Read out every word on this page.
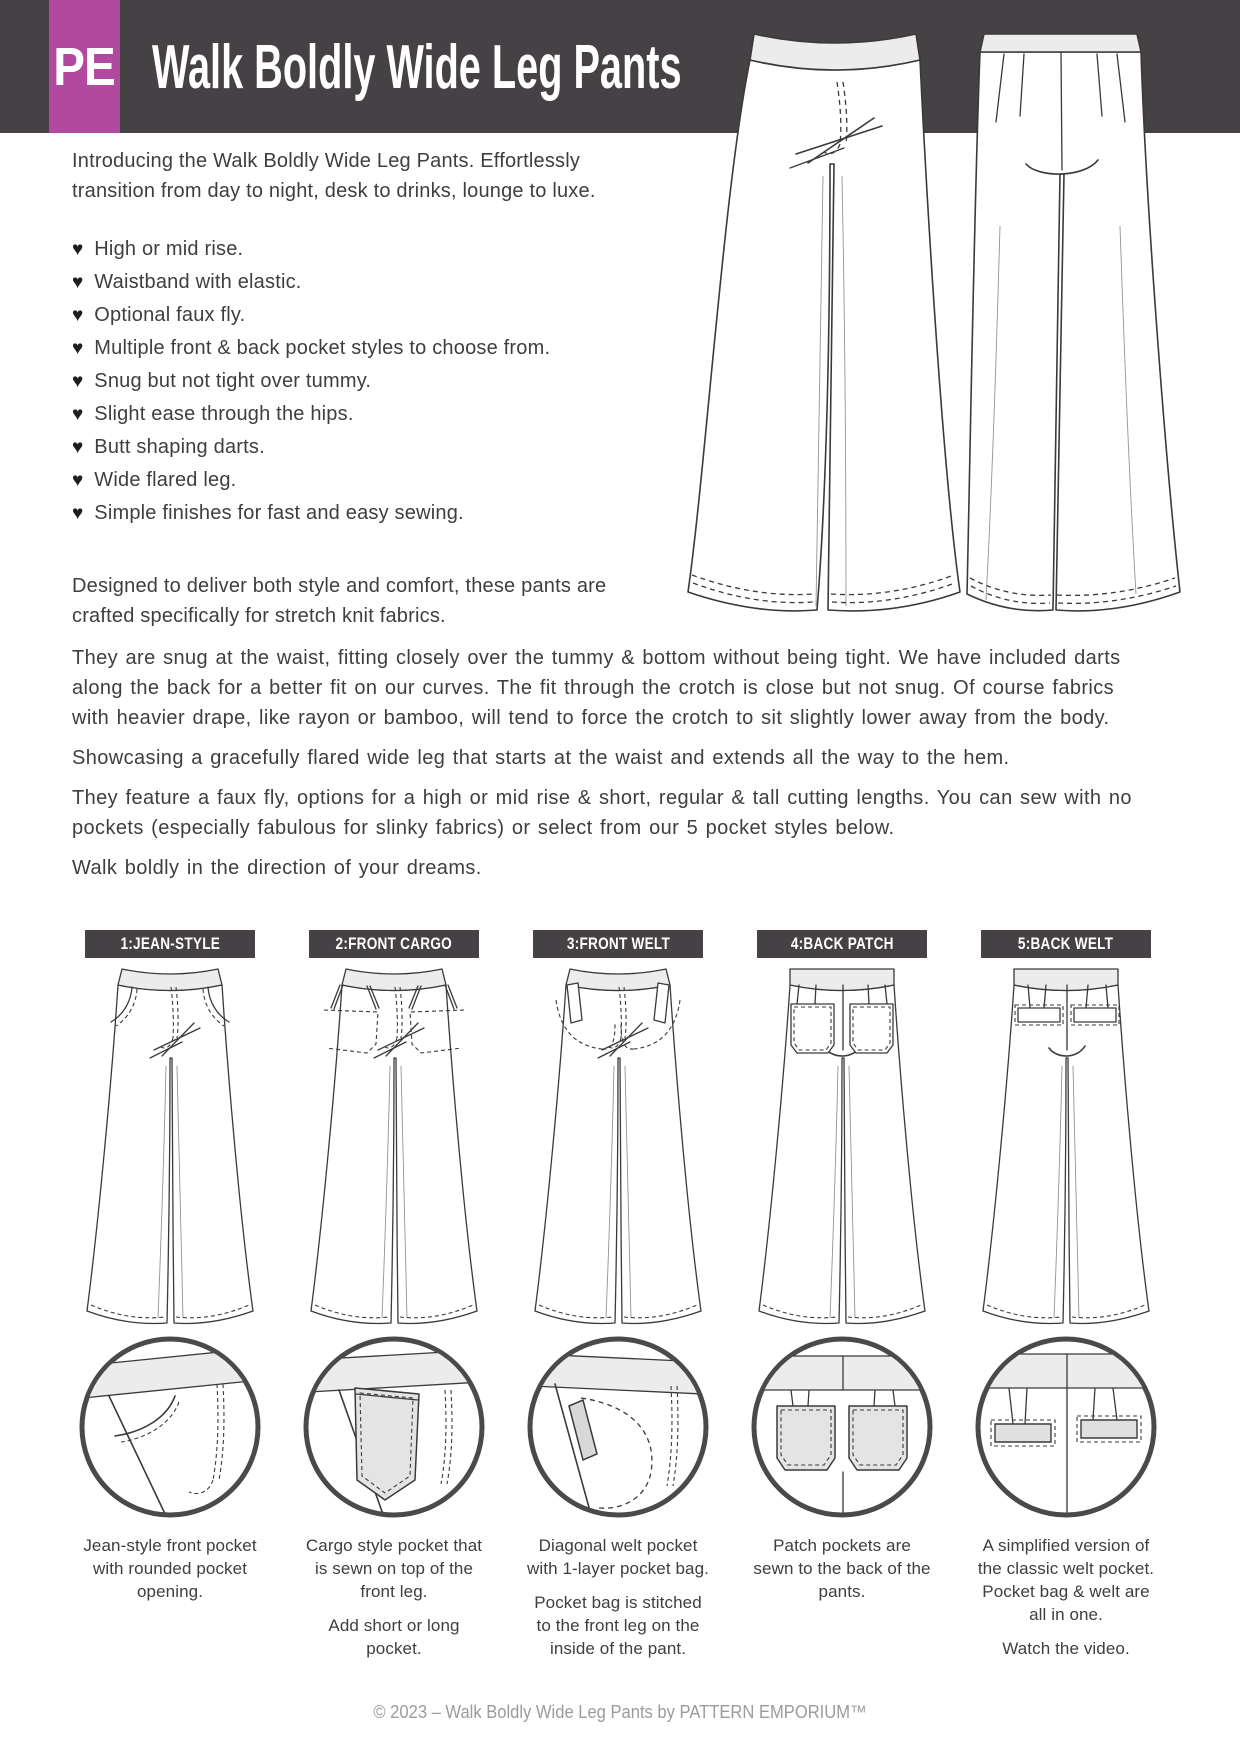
PE Walk Boldly Wide Leg Pants

Introducing the Walk Boldly Wide Leg Pants. Effortlessly transition from day to night, desk to drinks, lounge to luxe.

♥ High or mid rise.
♥ Waistband with elastic.
♥ Optional faux fly.
♥ Multiple front & back pocket styles to choose from.
♥ Snug but not tight over tummy.
♥ Slight ease through the hips.
♥ Butt shaping darts.
♥ Wide flared leg.
♥ Simple finishes for fast and easy sewing.

Designed to deliver both style and comfort, these pants are crafted specifically for stretch knit fabrics.

They are snug at the waist, fitting closely over the tummy & bottom without being tight. We have included darts along the back for a better fit on our curves. The fit through the crotch is close but not snug. Of course fabrics with heavier drape, like rayon or bamboo, will tend to force the crotch to sit slightly lower away from the body.

Showcasing a gracefully flared wide leg that starts at the waist and extends all the way to the hem.

They feature a faux fly, options for a high or mid rise & short, regular & tall cutting lengths. You can sew with no pockets (especially fabulous for slinky fabrics) or select from our 5 pocket styles below.

Walk boldly in the direction of your dreams.

1:JEAN-STYLE

Jean-style front pocket with rounded pocket opening.

2:FRONT CARGO

Cargo style pocket that is sewn on top of the front leg.

Add short or long pocket.

3:FRONT WELT

Diagonal welt pocket with 1-layer pocket bag.

Pocket bag is stitched to the front leg on the inside of the pant.

4:BACK PATCH

Patch pockets are sewn to the back of the pants.

5:BACK WELT

A simplified version of the classic welt pocket. Pocket bag & welt are all in one.

Watch the video.

© 2023 – Walk Boldly Wide Leg Pants by PATTERN EMPORIUM™
